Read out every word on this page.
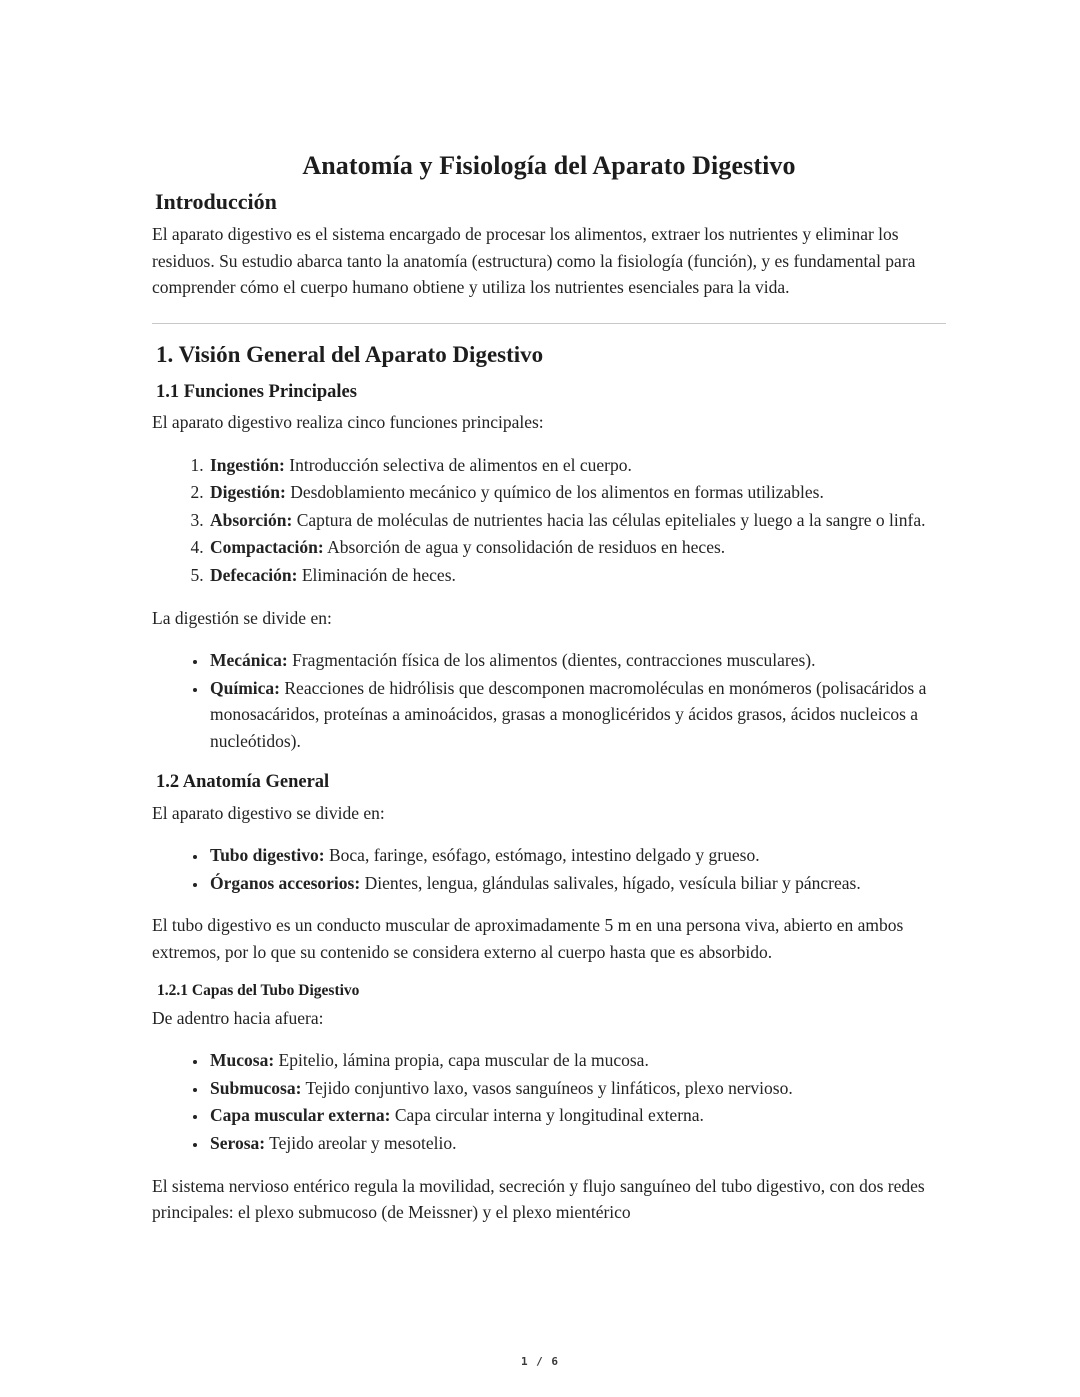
Anatomía y Fisiología del Aparato Digestivo
Introducción

El aparato digestivo es el sistema encargado de procesar los alimentos, extraer los nutrientes y eliminar los residuos. Su estudio abarca tanto la anatomía (estructura) como la fisiología (función), y es fundamental para comprender cómo el cuerpo humano obtiene y utiliza los nutrientes esenciales para la vida.

1. Visión General del Aparato Digestivo
1.1 Funciones Principales

El aparato digestivo realiza cinco funciones principales:

1. Ingestión: Introducción selectiva de alimentos en el cuerpo.
2. Digestión: Desdoblamiento mecánico y químico de los alimentos en formas utilizables.
3. Absorción: Captura de moléculas de nutrientes hacia las células epiteliales y luego a la sangre o linfa.
4. Compactación: Absorción de agua y consolidación de residuos en heces.
5. Defecación: Eliminación de heces.

La digestión se divide en:

• Mecánica: Fragmentación física de los alimentos (dientes, contracciones musculares).
• Química: Reacciones de hidrólisis que descomponen macromoléculas en monómeros (polisacáridos a monosacáridos, proteínas a aminoácidos, grasas a monoglicéridos y ácidos grasos, ácidos nucleicos a nucleótidos).
1.2 Anatomía General

El aparato digestivo se divide en:

• Tubo digestivo: Boca, faringe, esófago, estómago, intestino delgado y grueso.
• Órganos accesorios: Dientes, lengua, glándulas salivales, hígado, vesícula biliar y páncreas.

El tubo digestivo es un conducto muscular de aproximadamente 5 m en una persona viva, abierto en ambos extremos, por lo que su contenido se considera externo al cuerpo hasta que es absorbido.

1.2.1 Capas del Tubo Digestivo

De adentro hacia afuera:

• Mucosa: Epitelio, lámina propia, capa muscular de la mucosa.
• Submucosa: Tejido conjuntivo laxo, vasos sanguíneos y linfáticos, plexo nervioso.
• Capa muscular externa: Capa circular interna y longitudinal externa.
• Serosa: Tejido areolar y mesotelio.

El sistema nervioso entérico regula la movilidad, secreción y flujo sanguíneo del tubo digestivo, con dos redes principales: el plexo submucoso (de Meissner) y el plexo mientérico

1 / 6
